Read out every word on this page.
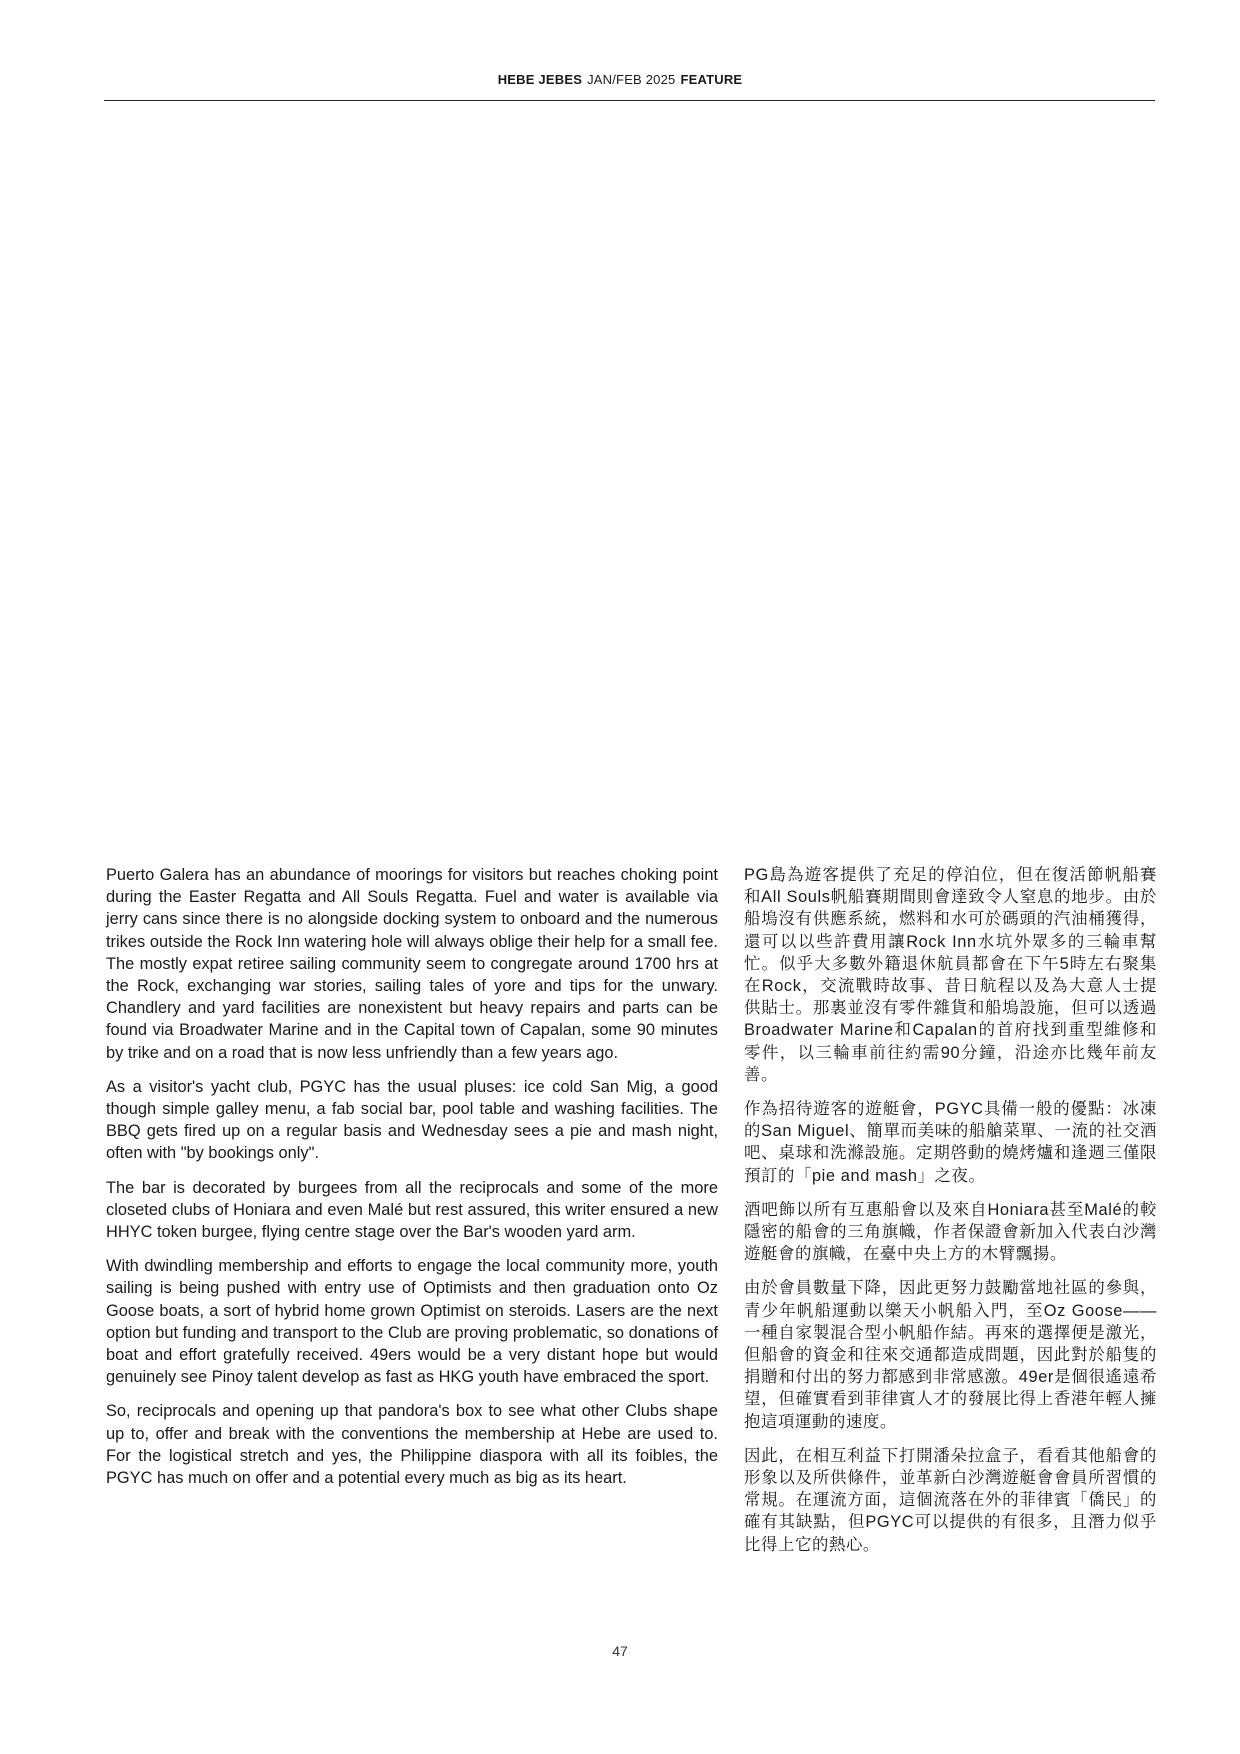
HEBE JEBES JAN/FEB 2025 FEATURE

Puerto Galera has an abundance of moorings for visitors but reaches choking point during the Easter Regatta and All Souls Regatta. Fuel and water is available via jerry cans since there is no alongside docking system to onboard and the numerous trikes outside the Rock Inn watering hole will always oblige their help for a small fee. The mostly expat retiree sailing community seem to congregate around 1700 hrs at the Rock, exchanging war stories, sailing tales of yore and tips for the unwary. Chandlery and yard facilities are nonexistent but heavy repairs and parts can be found via Broadwater Marine and in the Capital town of Capalan, some 90 minutes by trike and on a road that is now less unfriendly than a few years ago.

As a visitor's yacht club, PGYC has the usual pluses: ice cold San Mig, a good though simple galley menu, a fab social bar, pool table and washing facilities. The BBQ gets fired up on a regular basis and Wednesday sees a pie and mash night, often with "by bookings only".

The bar is decorated by burgees from all the reciprocals and some of the more closeted clubs of Honiara and even Malé but rest assured, this writer ensured a new HHYC token burgee, flying centre stage over the Bar's wooden yard arm.

With dwindling membership and efforts to engage the local community more, youth sailing is being pushed with entry use of Optimists and then graduation onto Oz Goose boats, a sort of hybrid home grown Optimist on steroids. Lasers are the next option but funding and transport to the Club are proving problematic, so donations of boat and effort gratefully received. 49ers would be a very distant hope but would genuinely see Pinoy talent develop as fast as HKG youth have embraced the sport.

So, reciprocals and opening up that pandora's box to see what other Clubs shape up to, offer and break with the conventions the membership at Hebe are used to. For the logistical stretch and yes, the Philippine diaspora with all its foibles, the PGYC has much on offer and a potential every much as big as its heart.

PG島為遊客提供了充足的停泊位，但在復活節帆船賽和All Souls帆船賽期間則會達致令人窒息的地步。由於船塢沒有供應系統，燃料和水可於碼頭的汽油桶獲得，還可以以些許費用讓Rock Inn水坑外眾多的三輪車幫忙。似乎大多數外籍退休航員都會在下午5時左右聚集在Rock，交流戰時故事、昔日航程以及為大意人士提供貼士。那裏並沒有零件雜貨和船塢設施，但可以透過Broadwater Marine和Capalan的首府找到重型維修和零件，以三輪車前往約需90分鐘，沿途亦比幾年前友善。

作為招待遊客的遊艇會，PGYC具備一般的優點：冰凍的San Miguel、簡單而美味的船艙菜單、一流的社交酒吧、桌球和洗滌設施。定期啓動的燒烤爐和逢週三僅限預訂的「pie and mash」之夜。

酒吧飾以所有互惠船會以及來自Honiara甚至Malé的較隱密的船會的三角旗幟，作者保證會新加入代表白沙灣遊艇會的旗幟，在臺中央上方的木臂飄揚。

由於會員數量下降，因此更努力鼓勵當地社區的參與，青少年帆船運動以樂天小帆船入門，至Oz Goose——一種自家製混合型小帆船作結。再來的選擇便是激光，但船會的資金和往來交通都造成問題，因此對於船隻的捐贈和付出的努力都感到非常感激。49er是個很遙遠希望，但確實看到菲律賓人才的發展比得上香港年輕人擁抱這項運動的速度。

因此，在相互利益下打開潘朵拉盒子，看看其他船會的形象以及所供條件，並革新白沙灣遊艇會會員所習慣的常規。在運流方面，這個流落在外的菲律賓「僑民」的確有其缺點，但PGYC可以提供的有很多，且潛力似乎比得上它的熱心。

47
